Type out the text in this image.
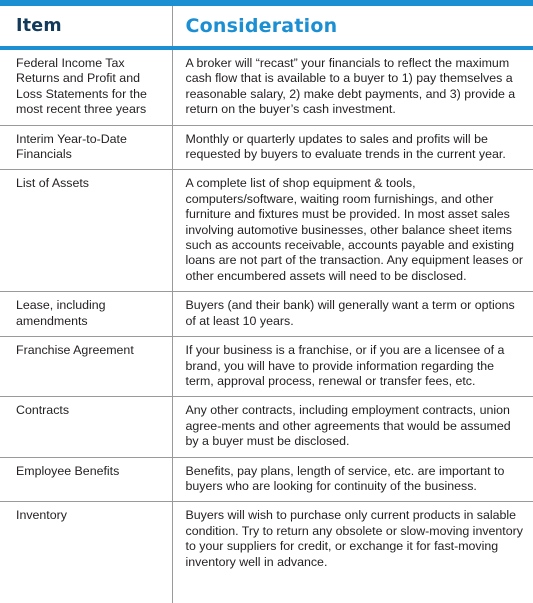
Item	Consideration
Federal Income Tax Returns and Profit and Loss Statements for the most recent three years	A broker will “recast” your financials to reflect the maximum cash flow that is available to a buyer to 1) pay themselves a reasonable salary, 2) make debt payments, and 3) provide a return on the buyer’s cash investment.
Interim Year-to-Date Financials	Monthly or quarterly updates to sales and profits will be requested by buyers to evaluate trends in the current year.
List of Assets	A complete list of shop equipment & tools, computers/software, waiting room furnishings, and other furniture and fixtures must be provided. In most asset sales involving automotive businesses, other balance sheet items such as accounts receivable, accounts payable and existing loans are not part of the transaction. Any equipment leases or other encumbered assets will need to be disclosed.
Lease, including amendments	Buyers (and their bank) will generally want a term or options of at least 10 years.
Franchise Agreement	If your business is a franchise, or if you are a licensee of a brand, you will have to provide information regarding the term, approval process, renewal or transfer fees, etc.
Contracts	Any other contracts, including employment contracts, union agree-ments and other agreements that would be assumed by a buyer must be disclosed.
Employee Benefits	Benefits, pay plans, length of service, etc. are important to buyers who are looking for continuity of the business.
Inventory	Buyers will wish to purchase only current products in salable condition. Try to return any obsolete or slow-moving inventory to your suppliers for credit, or exchange it for fast-moving inventory well in advance.
